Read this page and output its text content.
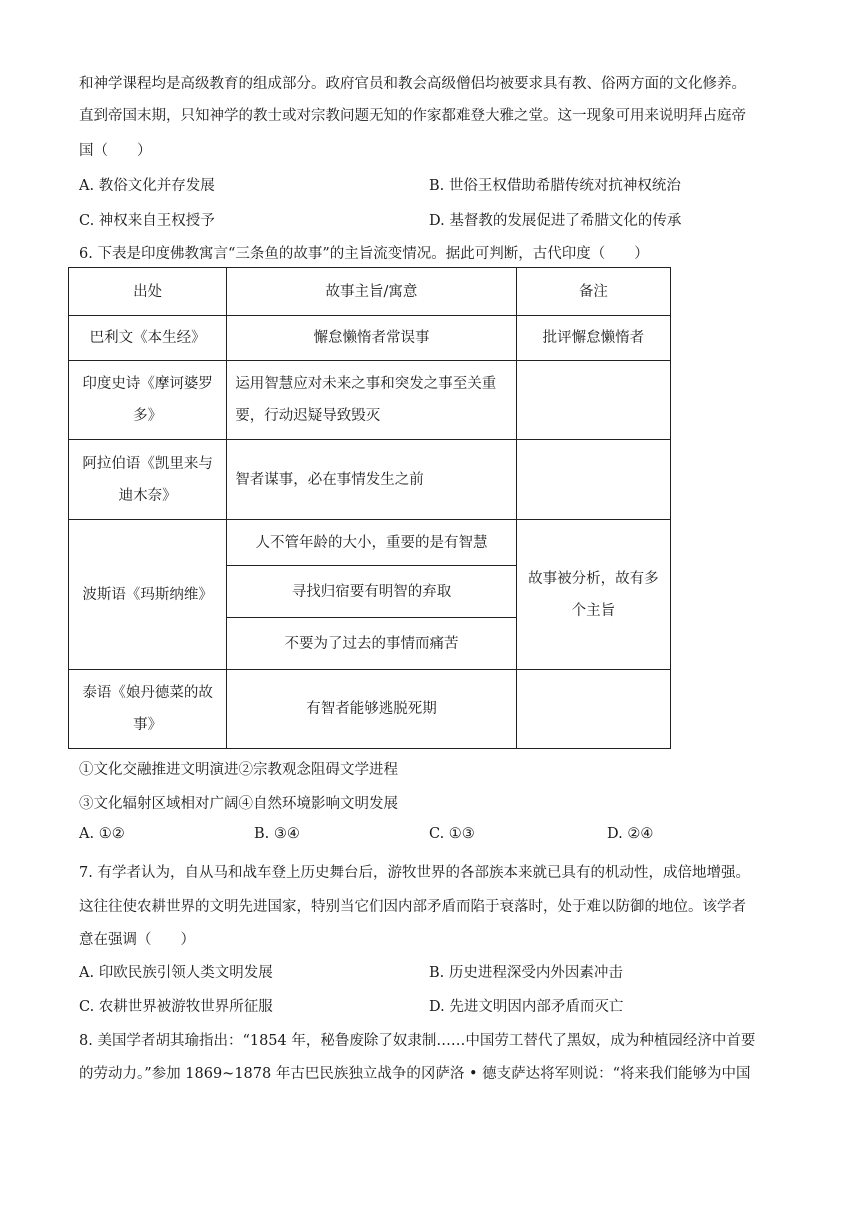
和神学课程均是高级教育的组成部分。政府官员和教会高级僧侣均被要求具有教、俗两方面的文化修养。
直到帝国末期，只知神学的教士或对宗教问题无知的作家都难登大雅之堂。这一现象可用来说明拜占庭帝
国（　　）
A. 教俗文化并存发展	B. 世俗王权借助希腊传统对抗神权统治
C. 神权来自王权授予	D. 基督教的发展促进了希腊文化的传承
6. 下表是印度佛教寓言“三条鱼的故事”的主旨流变情况。据此可判断，古代印度（　　）
出处	故事主旨/寓意	备注
巴利文《本生经》	懈怠懒惰者常误事	批评懈怠懒惰者
印度史诗《摩诃婆罗多》	运用智慧应对未来之事和突发之事至关重要，行动迟疑导致毁灭	
阿拉伯语《凯里来与迪木奈》	智者谋事，必在事情发生之前	
波斯语《玛斯纳维》	人不管年龄的大小，重要的是有智慧	故事被分析，故有多个主旨
	寻找归宿要有明智的弃取	
	不要为了过去的事情而痛苦	
泰语《娘丹德菜的故事》	有智者能够逃脱死期	
①文化交融推进文明演进②宗教观念阻碍文学进程
③文化辐射区域相对广阔④自然环境影响文明发展
A. ①②	B. ③④	C. ①③	D. ②④
7. 有学者认为，自从马和战车登上历史舞台后，游牧世界的各部族本来就已具有的机动性，成倍地增强。
这往往使农耕世界的文明先进国家，特别当它们因内部矛盾而陷于衰落时，处于难以防御的地位。该学者
意在强调（　　）
A. 印欧民族引领人类文明发展	B. 历史进程深受内外因素冲击
C. 农耕世界被游牧世界所征服	D. 先进文明因内部矛盾而灭亡
8. 美国学者胡其瑜指出：“1854 年，秘鲁废除了奴隶制……中国劳工替代了黑奴，成为种植园经济中首要
的劳动力。”参加 1869~1878 年古巴民族独立战争的冈萨洛 • 德支萨达将军则说：“将来我们能够为中国
